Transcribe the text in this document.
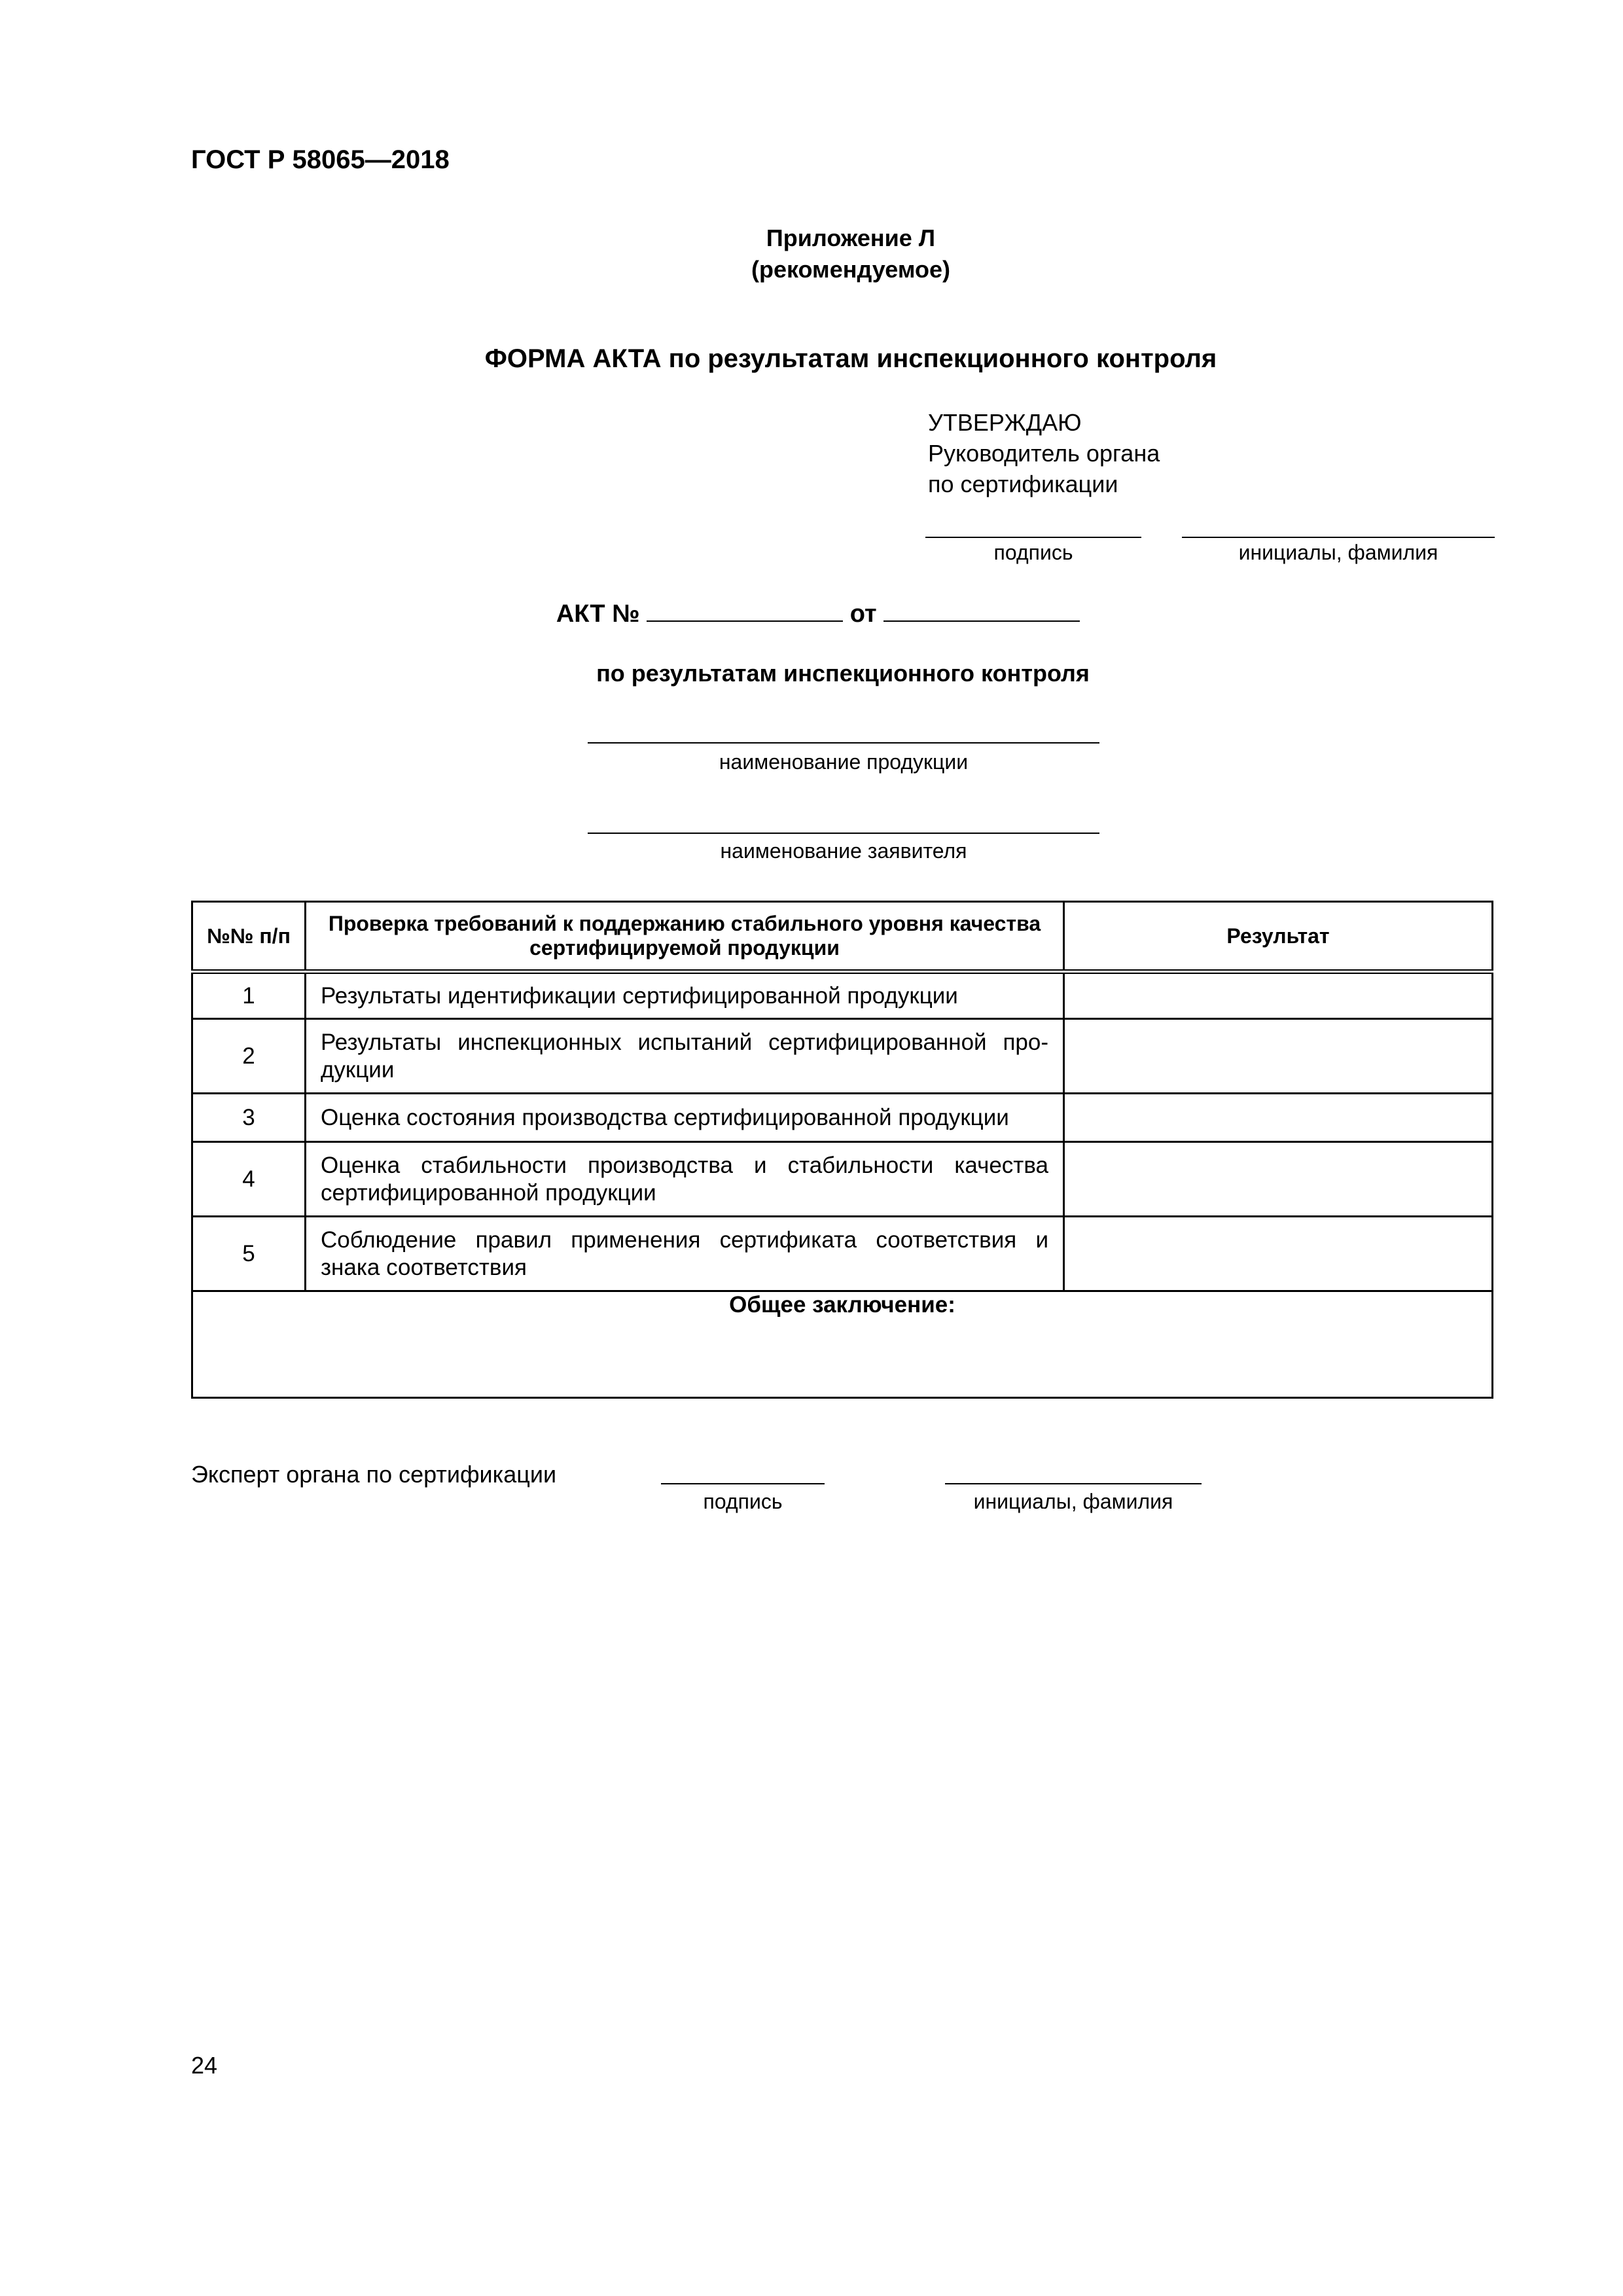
ГОСТ Р 58065—2018
Приложение Л
(рекомендуемое)
ФОРМА АКТА по результатам инспекционного контроля
УТВЕРЖДАЮ
Руководитель органа
по сертификации
подпись	инициалы, фамилия
АКТ №	от
по результатам инспекционного контроля
наименование продукции
наименование заявителя
№№ п/п	Проверка требований к поддержанию стабильного уровня качества сертифицируемой продукции	Результат
1	Результаты идентификации сертифицированной продукции	
2	Результаты инспекционных испытаний сертифицированной продукции	
3	Оценка состояния производства сертифицированной продукции	
4	Оценка стабильности производства и стабильности качества сертифицированной продукции	
5	Соблюдение правил применения сертификата соответствия и знака соответствия	
Общее заключение:		
Эксперт органа по сертификации
подпись	инициалы, фамилия
24
